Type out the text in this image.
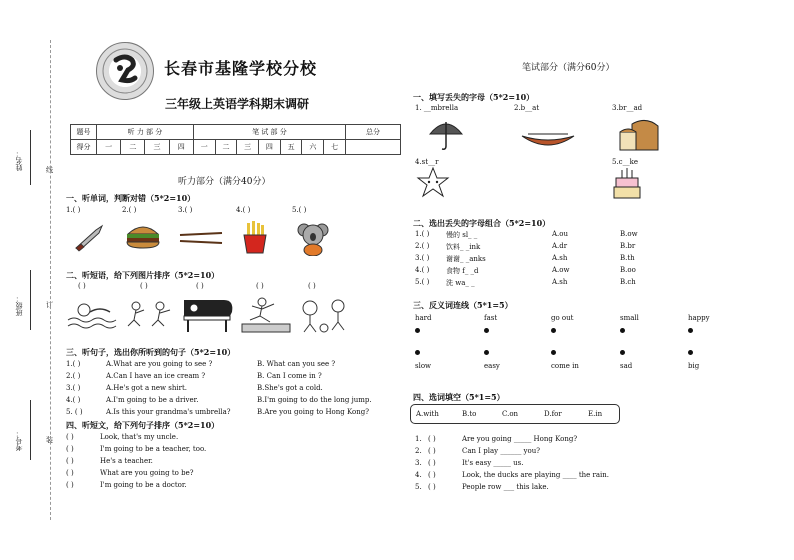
姓名：
班级：
考号：
线
订
装
长春市基隆学校分校
三年级上英语学科期末调研
笔试部分（满分60分）
题号	听 力 部 分				笔 试 部 分							总分
得分	一	二	三	四	一	二	三	四	五	六	七	
听力部分（满分40分）
一、听单词，判断对错（5*2=10）
1.( )	2.( )	3.( )	4.( )	5.( )
二、听短语，给下列图片排序（5*2=10）
( )	( )	( )	( )	( )
三、听句子，选出你所听到的句子（5*2=10）
1.( )	A.What are you going to see ?	B. What can you see ?
2.( )	A.Can I have an ice cream ?	B. Can I come in ?
3.( )	A.He's got a new shirt.	B.She's got a cold.
4.( )	A.I'm going to be a driver.	B.I'm going to do the long jump.
5. ( )	A.Is this your grandma's umbrella?	B.Are you going to Hong Kong?
四、听短文，给下列句子排序（5*2=10）
( )	Look, that's my uncle.
( )	I'm going to be a teacher, too.
( )	He's a teacher.
( )	What are you going to be?
( )	I'm going to be a doctor.
一、填写丢失的字母（5*2=10）
1. __mbrella	2.b__at	3.br__ad
4.st__r	5.c__ke
二、选出丢失的字母组合（5*2=10）
1.( ) 慢的 sl_ _	A.ou	B.ow
2.( ) 饮料_ _ink	A.dr	B.br
3.( ) 谢谢_ _anks	A.sh	B.th
4.( ) 食物 f_ _d	A.ow	B.oo
5.( ) 洗 wa_ _	A.sh	B.ch
三、反义词连线（5*1=5）
hard	fast	go out	small	happy
slow	easy	come in	sad	big
四、选词填空（5*1=5）
A.with	B.to	C.on	D.for	E.in
1. ( )	Are you going _____ Hong Kong?
2. ( )	Can I play ______ you?
3. ( )	It's easy _____ us.
4. ( )	Look, the ducks are playing ____ the rain.
5. ( )	People row ___ this lake.
